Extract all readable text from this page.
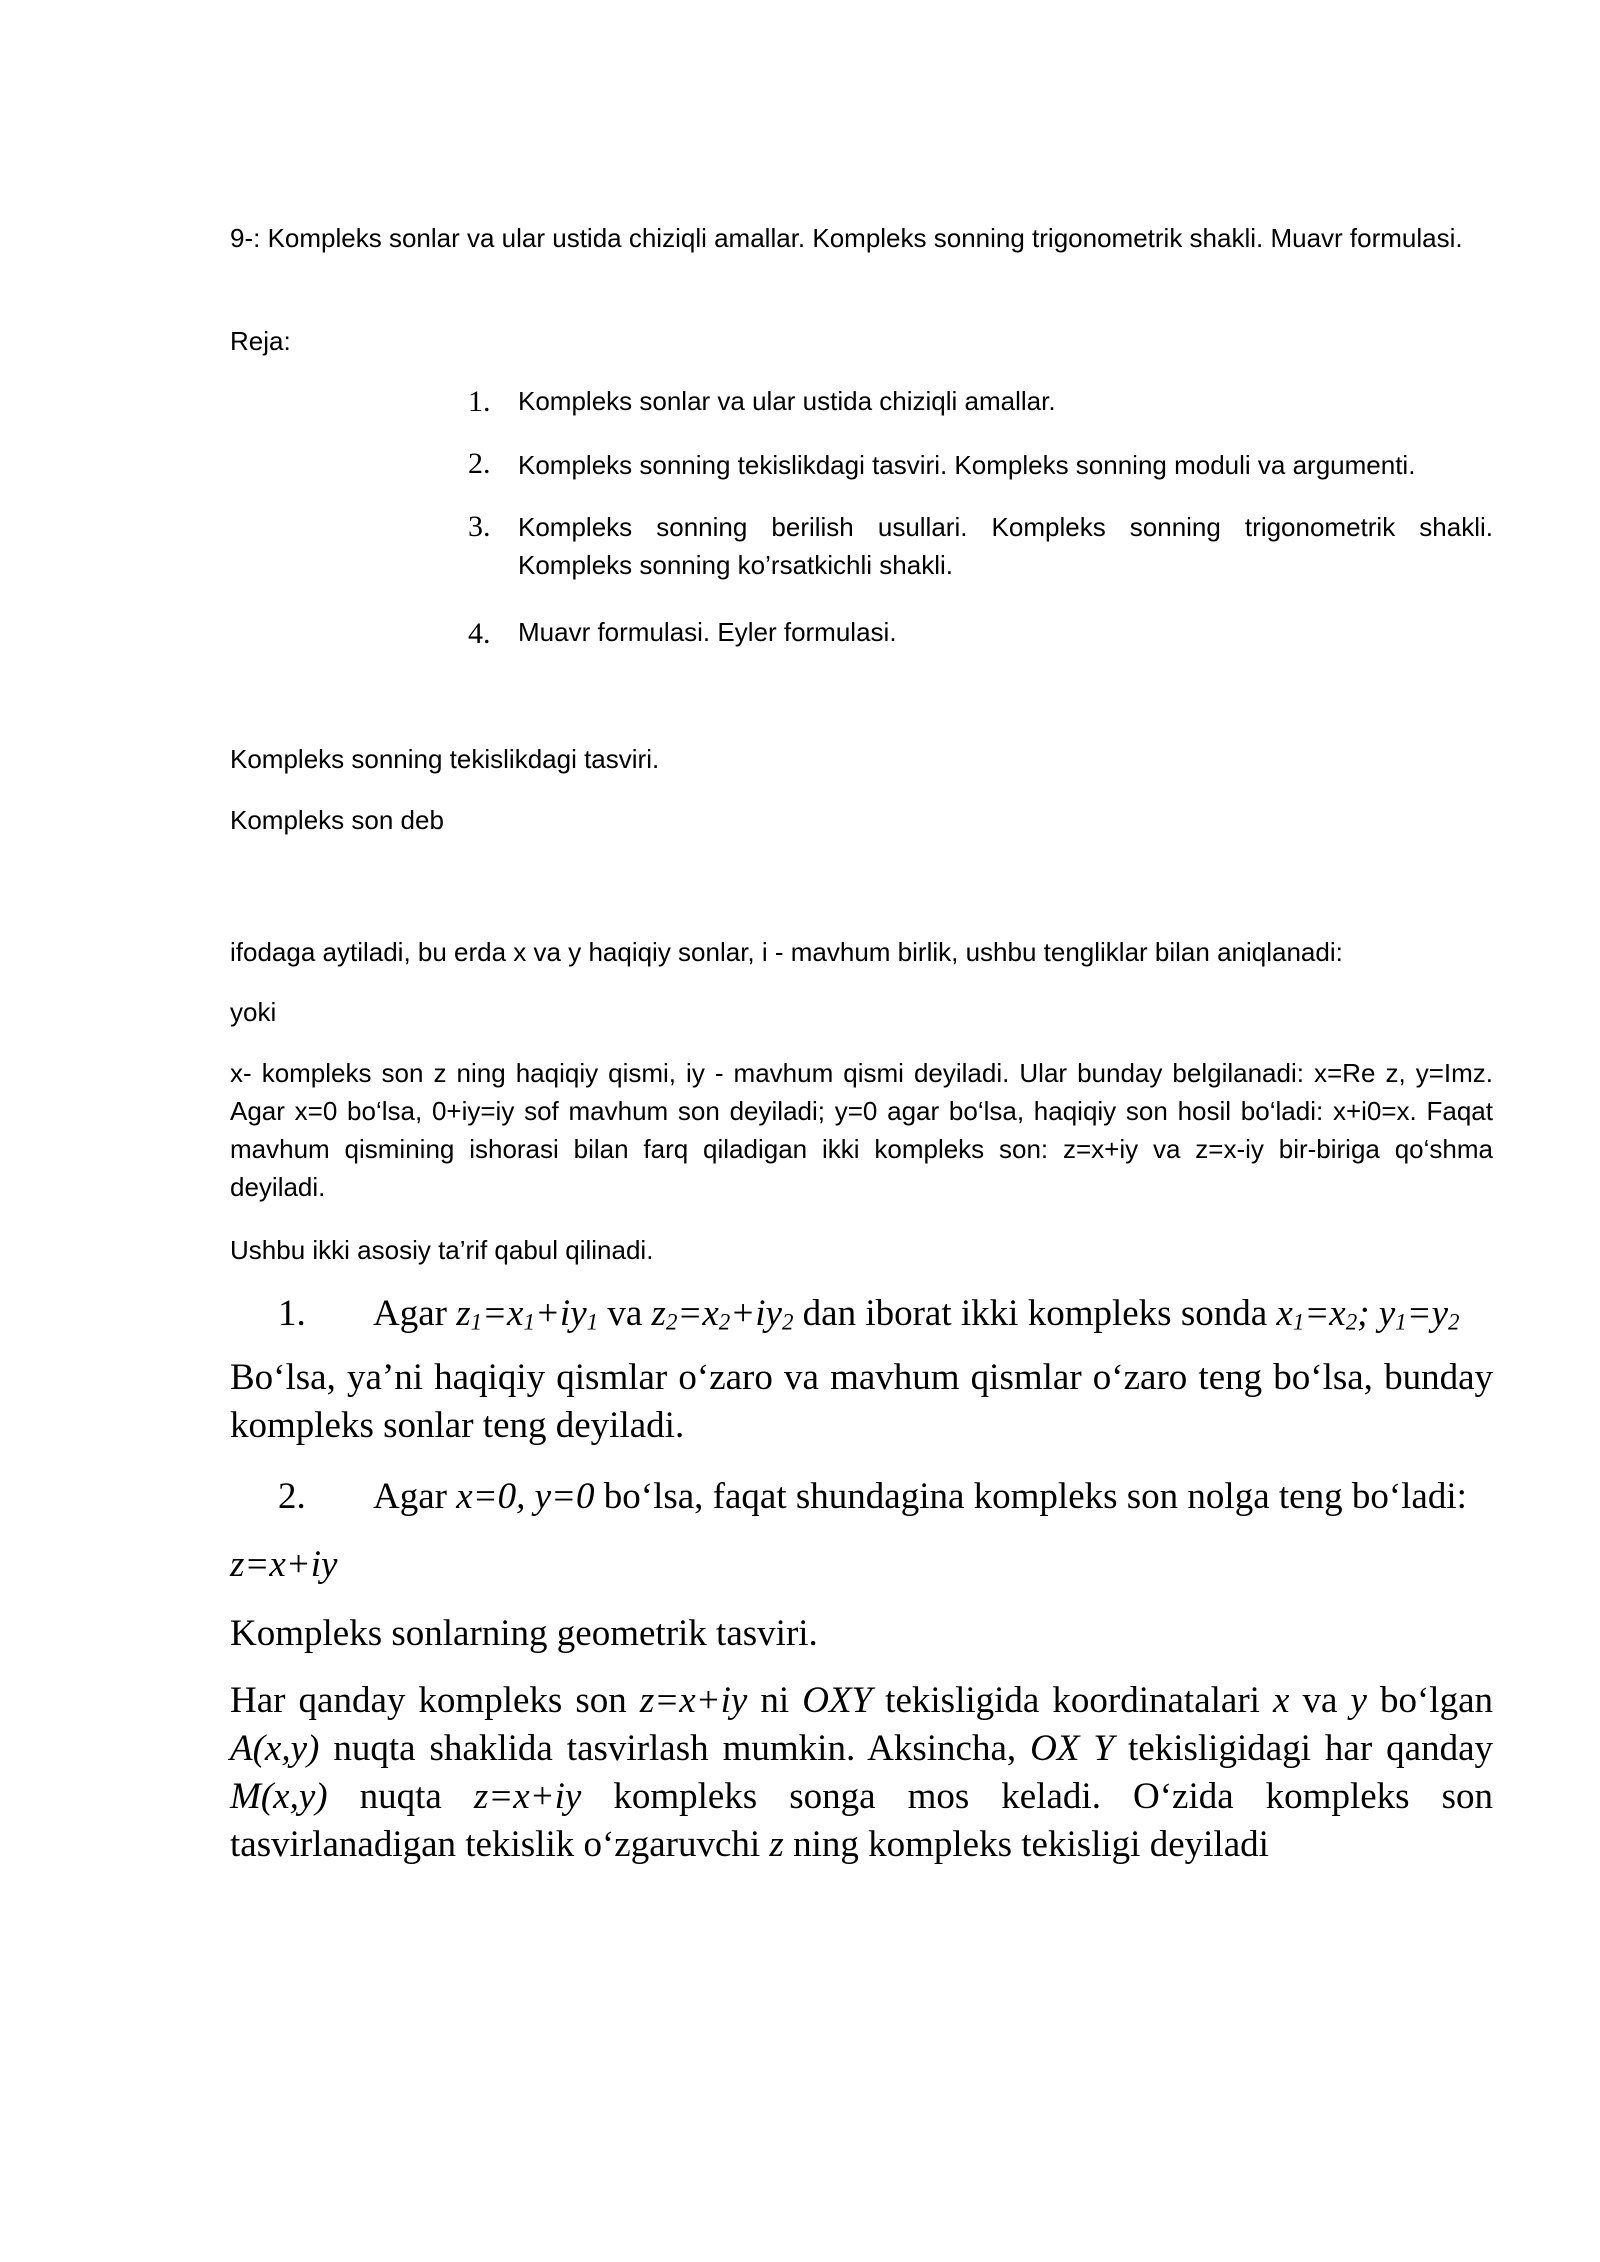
9-: Kompleks sonlar va ular ustida chiziqli amallar. Kompleks sonning trigonometrik shakli. Muavr formulasi.

Reja:

1. Kompleks sonlar va ular ustida chiziqli amallar.

2. Kompleks sonning tekislikdagi tasviri. Kompleks sonning moduli va argumenti.

3. Kompleks sonning berilish usullari. Kompleks sonning trigonometrik shakli. Kompleks sonning ko’rsatkichli shakli.

4. Muavr formulasi. Eyler formulasi.

Kompleks sonning tekislikdagi tasviri.

Kompleks son deb

ifodaga aytiladi, bu erda x va y haqiqiy sonlar, i - mavhum birlik, ushbu tengliklar bilan aniqlanadi:

yoki

x- kompleks son z ning haqiqiy qismi, iy - mavhum qismi deyiladi. Ular bunday belgilanadi: x=Re z, y=Imz. Agar x=0 bo‘lsa, 0+iy=iy sof mavhum son deyiladi; y=0 agar bo‘lsa, haqiqiy son hosil bo‘ladi: x+i0=x. Faqat mavhum qismining ishorasi bilan farq qiladigan ikki kompleks son: z=x+iy va z=x-iy bir-biriga qo‘shma deyiladi.

Ushbu ikki asosiy ta’rif qabul qilinadi.

1. Agar $z_1=x_1+iy_1$ va $z_2=x_2+iy_2$ dan iborat ikki kompleks sonda $x_1=x_2$; $y_1=y_2$

Bo‘lsa, ya’ni haqiqiy qismlar o‘zaro va mavhum qismlar o‘zaro teng bo‘lsa, bunday kompleks sonlar teng deyiladi.

2. Agar x=0, y=0 bo‘lsa, faqat shundagina kompleks son nolga teng bo‘ladi:

z=x+iy

Kompleks sonlarning geometrik tasviri.

Har qanday kompleks son z=x+iy ni OXY tekisligida koordinatalari x va y bo‘lgan A(x,y) nuqta shaklida tasvirlash mumkin. Aksincha, OX Y tekisligidagi har qanday M(x,y) nuqta z=x+iy kompleks songa mos keladi. O‘zida kompleks son tasvirlanadigan tekislik o‘zgaruvchi z ning kompleks tekisligi deyiladi
